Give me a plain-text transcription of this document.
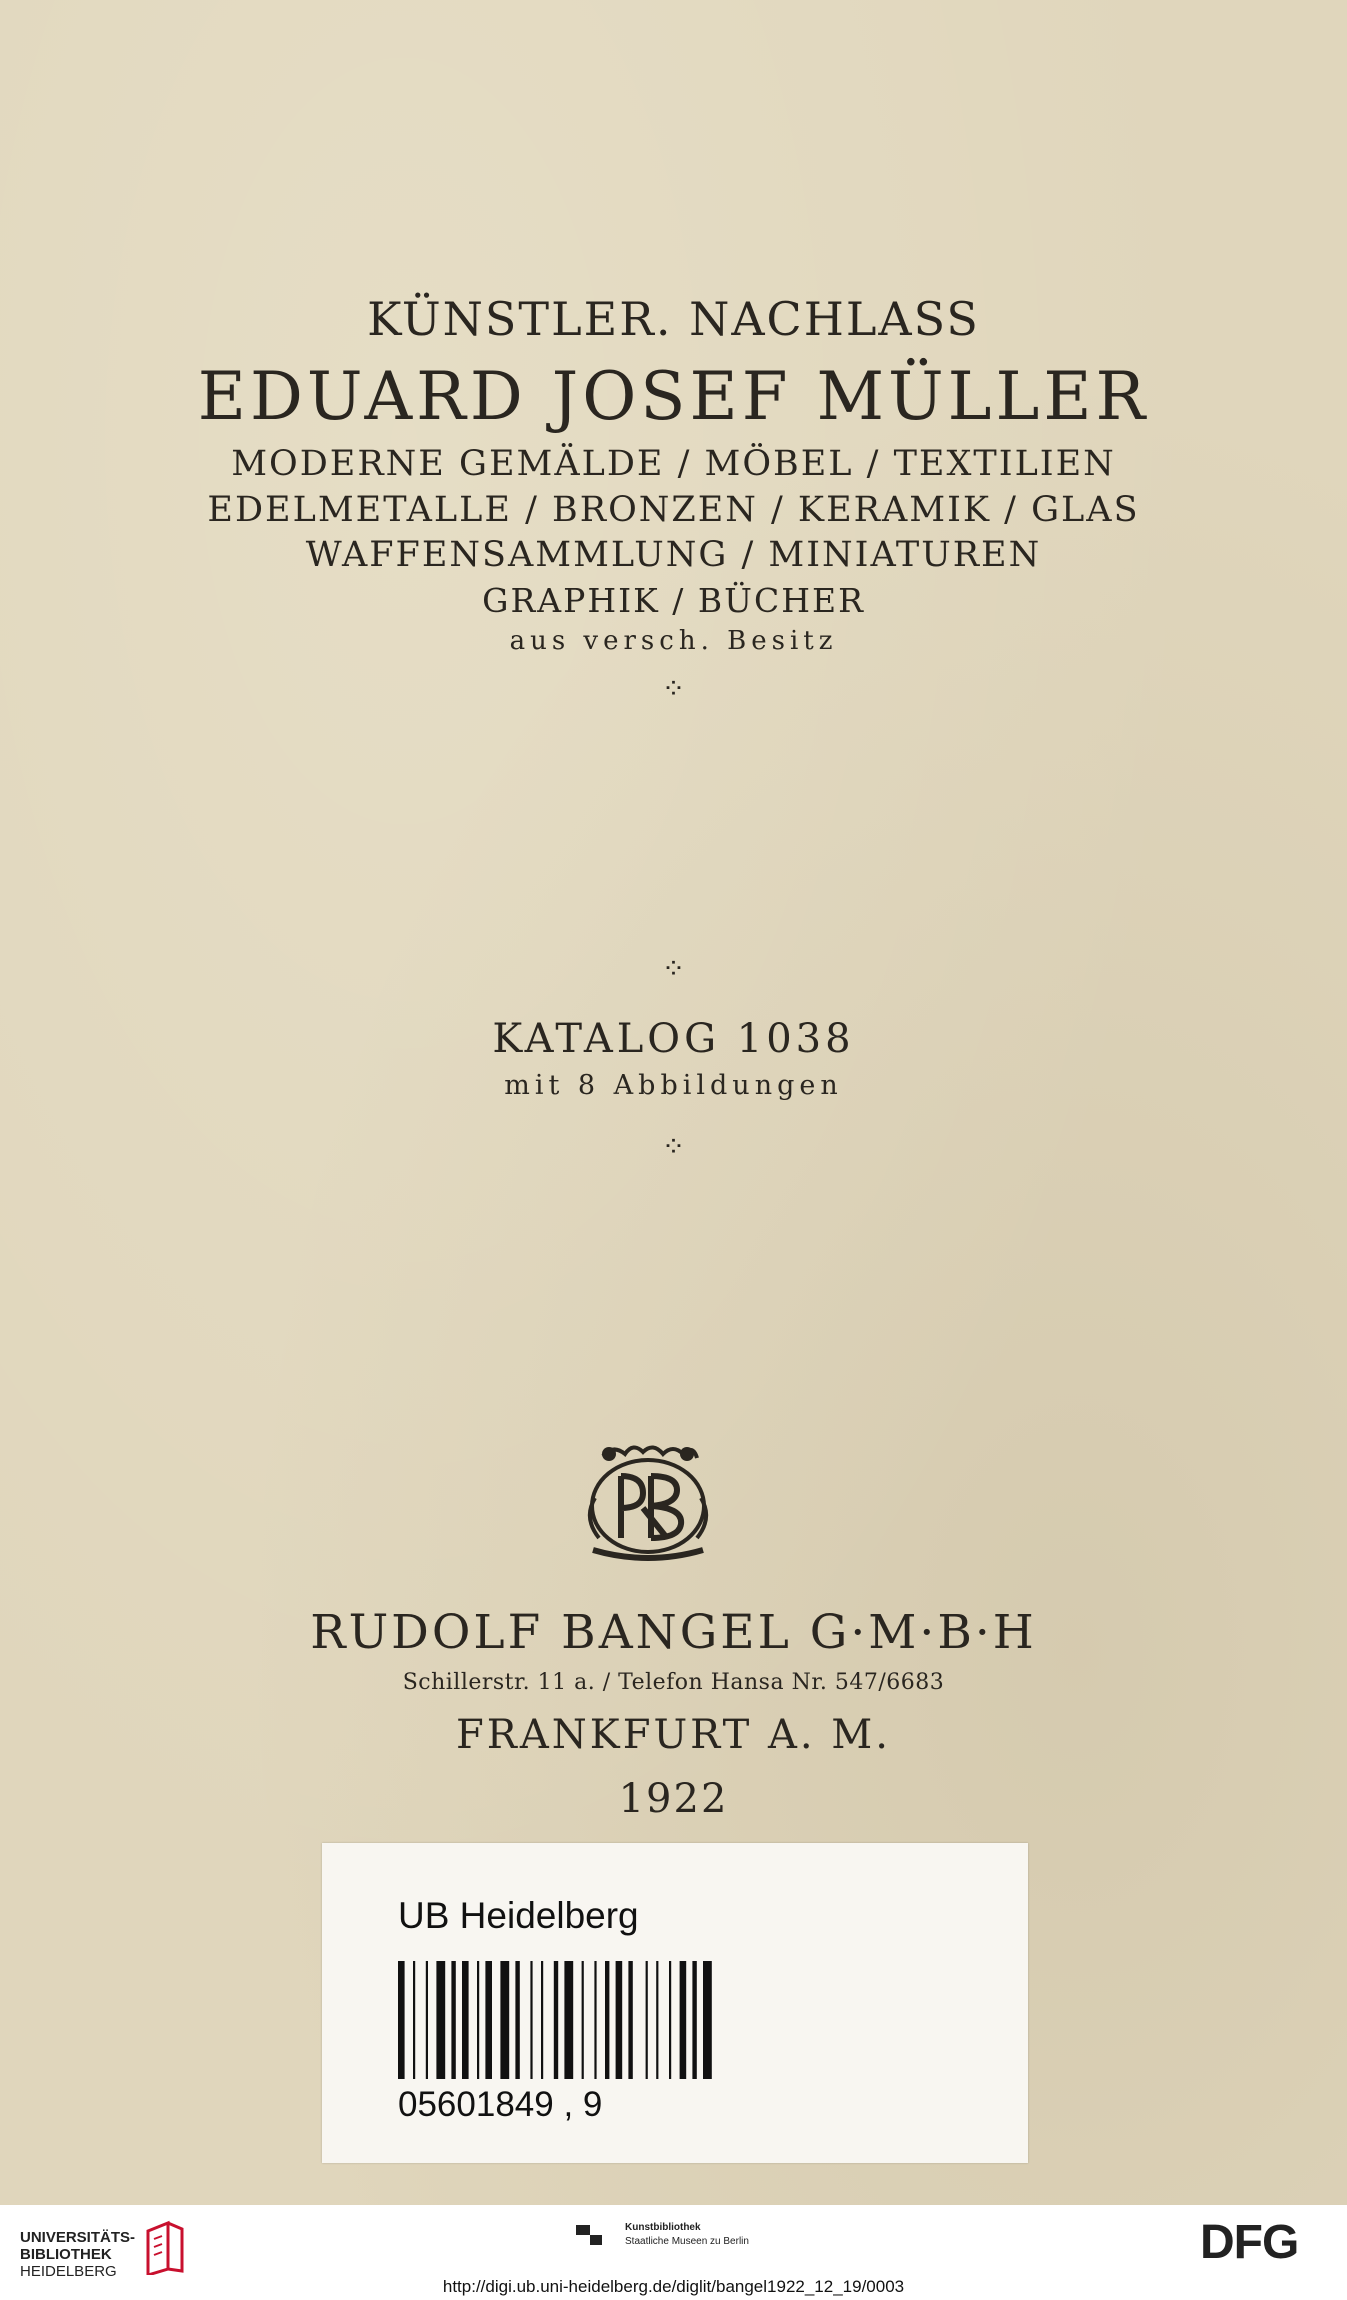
KÜNSTLER. NACHLASS
EDUARD JOSEF MÜLLER
MODERNE GEMÄLDE / MÖBEL / TEXTILIEN
EDELMETALLE / BRONZEN / KERAMIK / GLAS
WAFFENSAMMLUNG / MINIATUREN
GRAPHIK / BÜCHER
aus versch. Besitz
⁘
⁘
KATALOG 1038
mit 8 Abbildungen
⁘
RUDOLF BANGEL G·M·B·H
Schillerstr. 11 a. / Telefon Hansa Nr. 547/6683
FRANKFURT A. M.
1922
UB Heidelberg
05601849 , 9
UNIVERSITÄTS-
BIBLIOTHEK
HEIDELBERG
Kunstbibliothek
Staatliche Museen zu Berlin	DFG
http://digi.ub.uni-heidelberg.de/diglit/bangel1922_12_19/0003
